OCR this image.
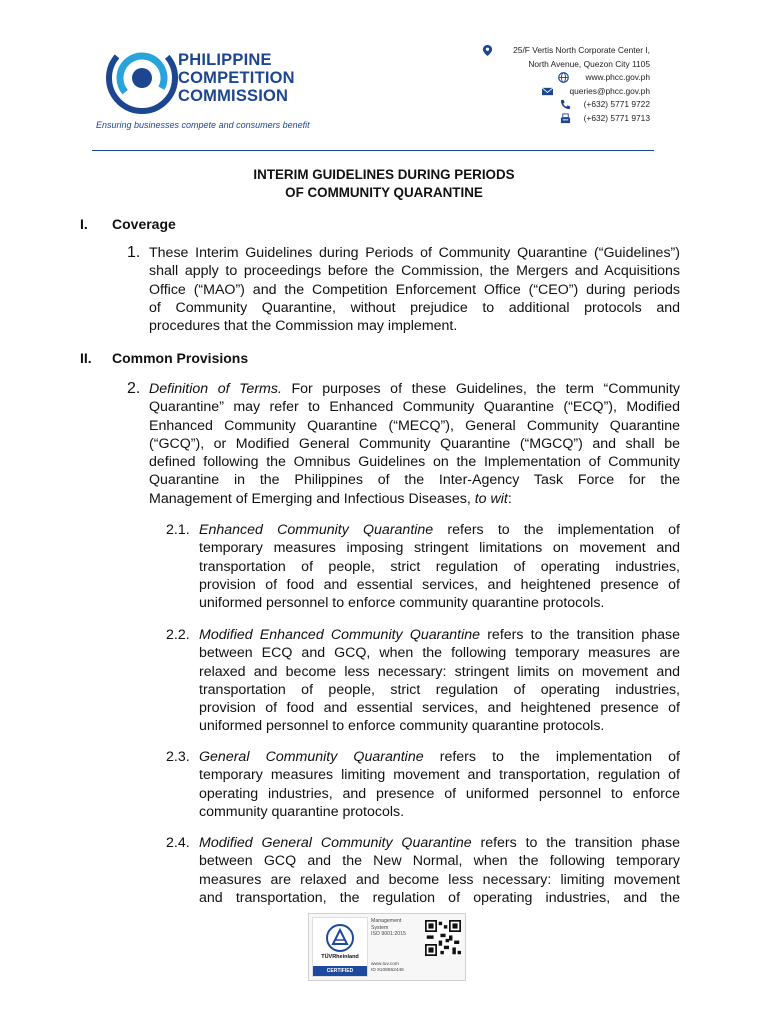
PHILIPPINE
COMPETITION
COMMISSION
Ensuring businesses compete and consumers benefit
25/F Vertis North Corporate Center I,
North Avenue, Quezon City 1105
www.phcc.gov.ph
queries@phcc.gov.ph
(+632) 5771 9722
(+632) 5771 9713
INTERIM GUIDELINES DURING PERIODS
OF COMMUNITY QUARANTINE
I. Coverage
1. These Interim Guidelines during Periods of Community Quarantine (“Guidelines”)
shall apply to proceedings before the Commission, the Mergers and Acquisitions
Office (“MAO”) and the Competition Enforcement Office (“CEO”) during periods
of Community Quarantine, without prejudice to additional protocols and
procedures that the Commission may implement.
II. Common Provisions
2. Definition of Terms. For purposes of these Guidelines, the term “Community
Quarantine” may refer to Enhanced Community Quarantine (“ECQ”), Modified
Enhanced Community Quarantine (“MECQ”), General Community Quarantine
(“GCQ”), or Modified General Community Quarantine (“MGCQ”) and shall be
defined following the Omnibus Guidelines on the Implementation of Community
Quarantine in the Philippines of the Inter-Agency Task Force for the
Management of Emerging and Infectious Diseases, to wit:
2.1. Enhanced Community Quarantine refers to the implementation of
temporary measures imposing stringent limitations on movement and
transportation of people, strict regulation of operating industries,
provision of food and essential services, and heightened presence of
uniformed personnel to enforce community quarantine protocols.
2.2. Modified Enhanced Community Quarantine refers to the transition phase
between ECQ and GCQ, when the following temporary measures are
relaxed and become less necessary: stringent limits on movement and
transportation of people, strict regulation of operating industries,
provision of food and essential services, and heightened presence of
uniformed personnel to enforce community quarantine protocols.
2.3. General Community Quarantine refers to the implementation of
temporary measures limiting movement and transportation, regulation of
operating industries, and presence of uniformed personnel to enforce
community quarantine protocols.
2.4. Modified General Community Quarantine refers to the transition phase
between GCQ and the New Normal, when the following temporary
measures are relaxed and become less necessary: limiting movement
and transportation, the regulation of operating industries, and the
TÜVRheinland
CERTIFIED
Management
System
ISO 9001:2015
www.tuv.com
ID 9108652446
